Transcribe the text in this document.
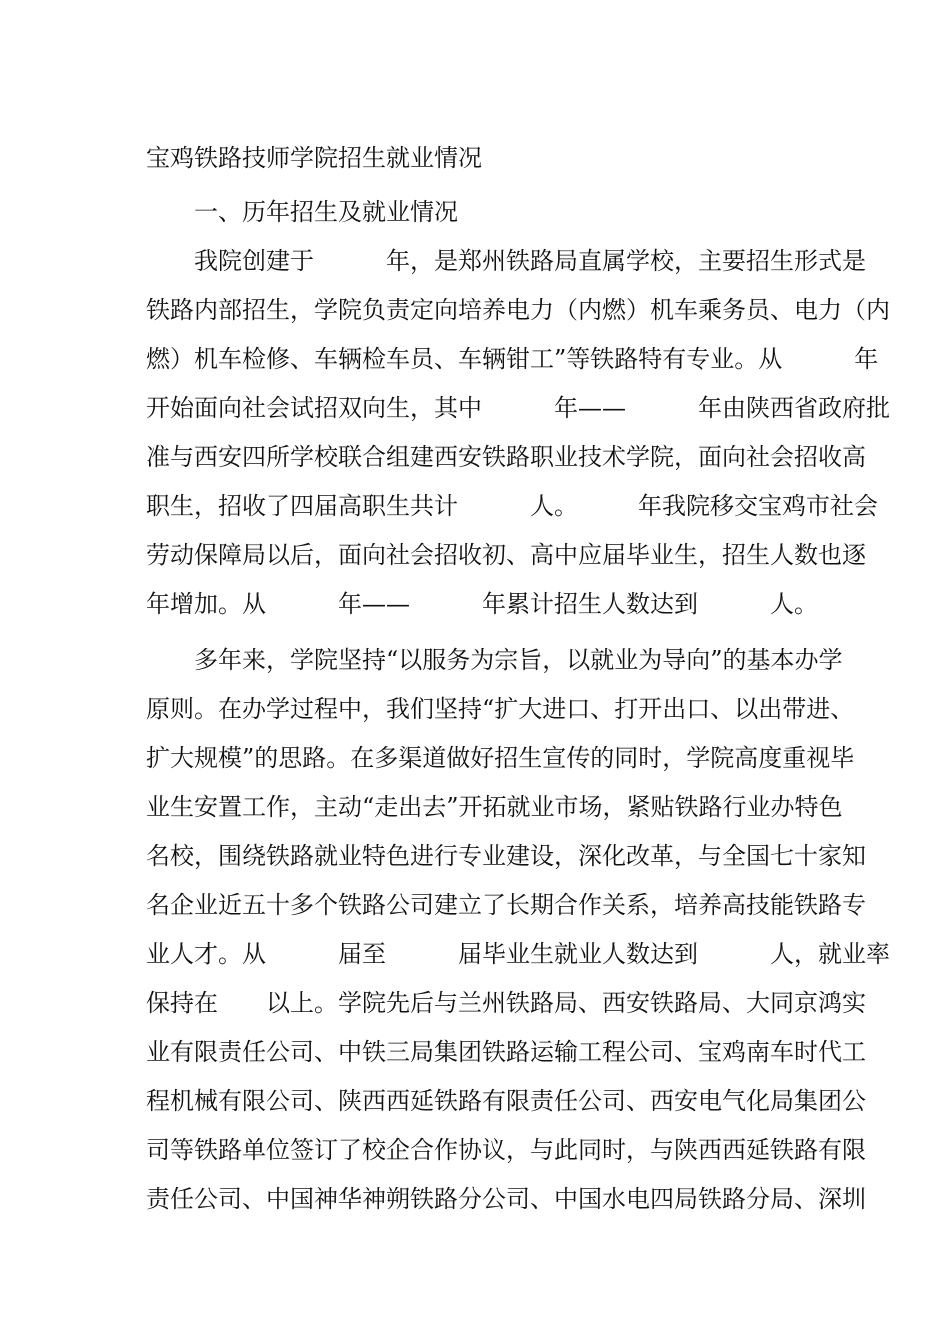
宝鸡铁路技师学院招生就业情况

一、历年招生及就业情况

我院创建于　　　年，是郑州铁路局直属学校，主要招生形式是

铁路内部招生，学院负责定向培养电力（内燃）机车乘务员、电力（内

燃）机车检修、车辆检车员、车辆钳工”等铁路特有专业。从　　　年

开始面向社会试招双向生，其中　　　年——　　　年由陕西省政府批

准与西安四所学校联合组建西安铁路职业技术学院，面向社会招收高

职生，招收了四届高职生共计　　　人。　　　年我院移交宝鸡市社会

劳动保障局以后，面向社会招收初、高中应届毕业生，招生人数也逐

年增加。从　　　年——　　　年累计招生人数达到　　　人。

多年来，学院坚持“以服务为宗旨，以就业为导向”的基本办学

原则。在办学过程中，我们坚持“扩大进口、打开出口、以出带进、

扩大规模”的思路。在多渠道做好招生宣传的同时，学院高度重视毕

业生安置工作，主动“走出去”开拓就业市场，紧贴铁路行业办特色

名校，围绕铁路就业特色进行专业建设，深化改革，与全国七十家知

名企业近五十多个铁路公司建立了长期合作关系，培养高技能铁路专

业人才。从　　　届至　　　届毕业生就业人数达到　　　人，就业率

保持在　　以上。学院先后与兰州铁路局、西安铁路局、大同京鸿实

业有限责任公司、中铁三局集团铁路运输工程公司、宝鸡南车时代工

程机械有限公司、陕西西延铁路有限责任公司、西安电气化局集团公

司等铁路单位签订了校企合作协议，与此同时，与陕西西延铁路有限

责任公司、中国神华神朔铁路分公司、中国水电四局铁路分局、深圳
